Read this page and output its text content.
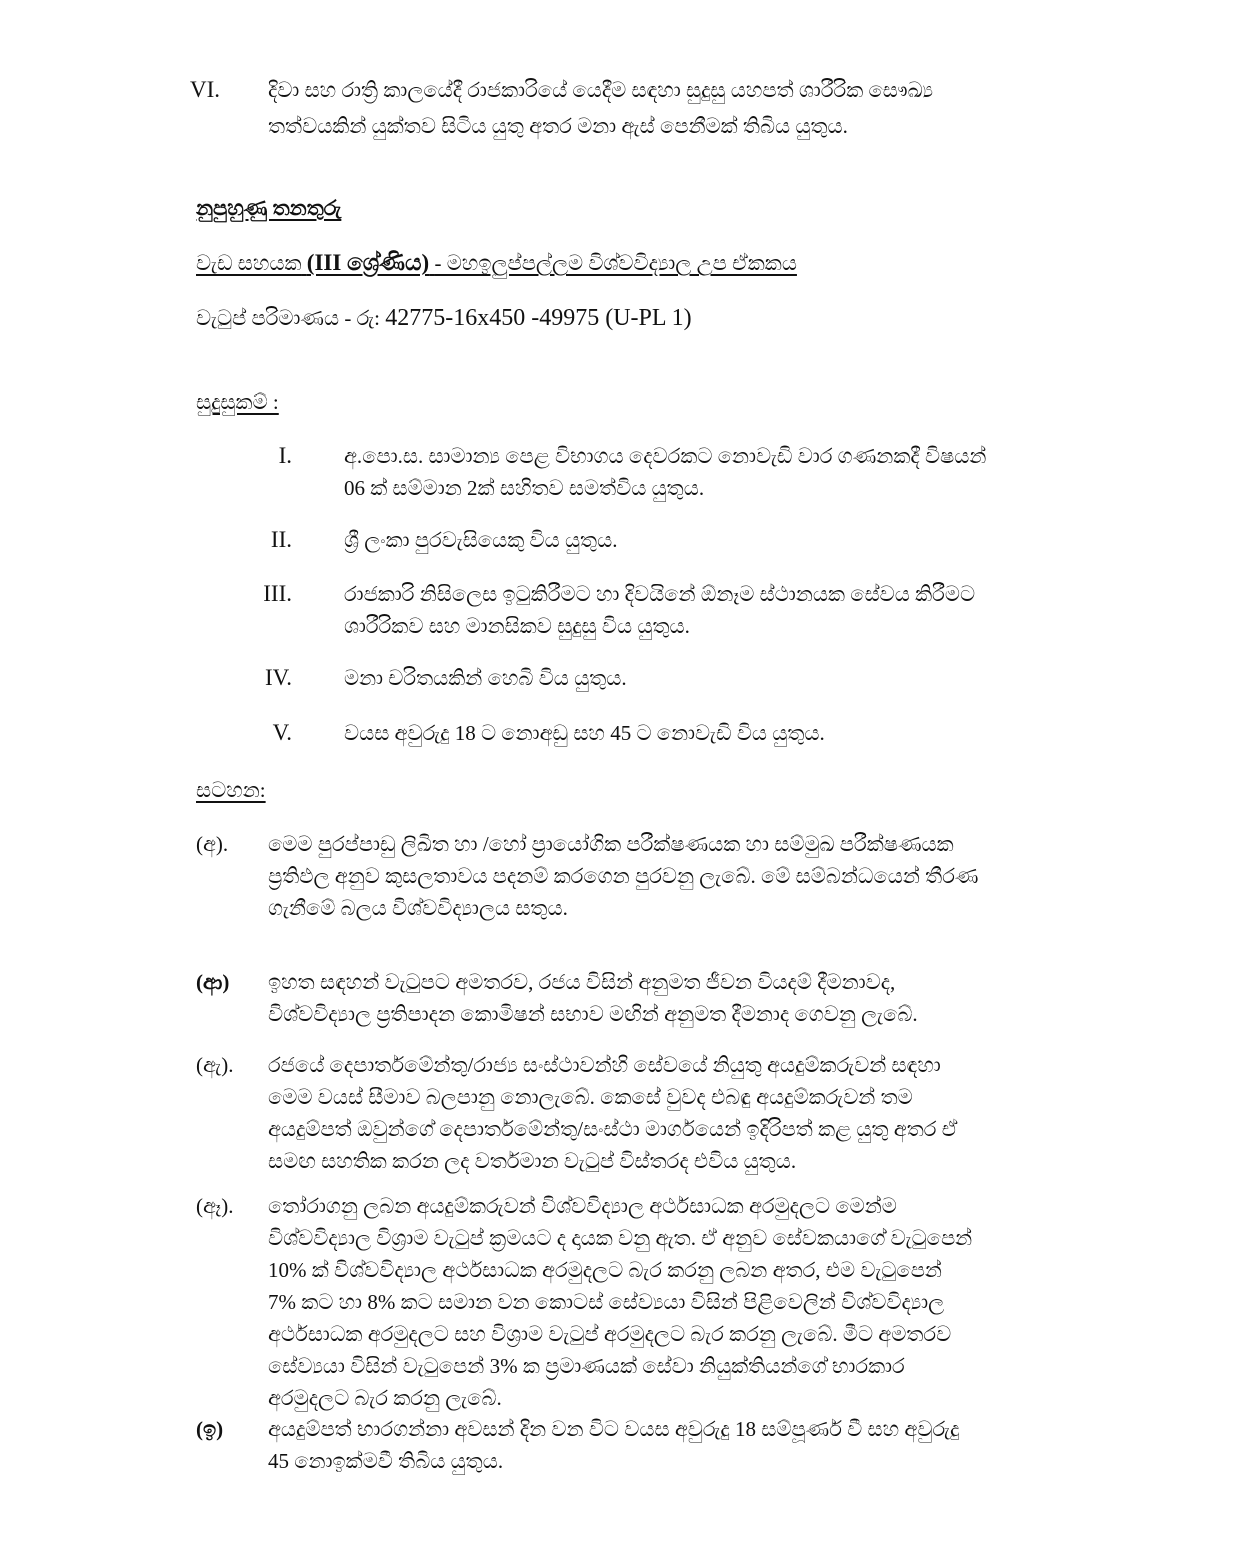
VI.	දිවා සහ රාත්‍රි කාලයේදී රාජකාරියේ යෙදීම සඳහා සුදුසු යහපත් ශාරීරික සෞඛ්‍ය

තත්වයකින් යුක්තව සිටිය යුතු අතර මනා ඇස් පෙනීමක් තිබිය යුතුය.

නුපුහුණු තනතුරු
වැඩ සහයක (III ශ්‍රේණිය) - මහඉලුප්පල්ලම විශ්වවිද්‍යාල උප ඒකකය
වැටුප් පරිමාණය - රු: 42775-16x450 -49975 (U-PL 1)
සුදුසුකම් :
I. අ.පො.ස. සාමාන්‍ය පෙළ විභාගය දෙවරකට නොවැඩි වාර ගණනකදී විෂයන්

06 ක් සම්මාන 2ක් සහිතව සමත්විය යුතුය.

II. ශ්‍රී ලංකා පුරවැසියෙකු විය යුතුය.

III. රාජකාරි නිසිලෙස ඉටුකිරීමට හා දිවයිනේ ඕනෑම ස්ථානයක සේවය කිරීමට

ශාරීරිකව සහ මානසිකව සුදුසු විය යුතුය.

IV. මනා චරිතයකින් හෙබි විය යුතුය.

V. වයස අවුරුදු 18 ට නොඅඩු සහ 45 ට නොවැඩි විය යුතුය.

සටහන:
(අ). මෙම පුරප්පාඩු ලිඛිත හා /හෝ ප්‍රායෝගික පරීක්ෂණයක හා සම්මුඛ පරීක්ෂණයක

ප්‍රතිඵල අනුව කුසලතාවය පදනම් කරගෙන පුරවනු ලැබේ. මේ සම්බන්ධයෙන් තීරණ

ගැනීමේ බලය විශ්වවිද්‍යාලය සතුය.

(ආ) ඉහත සඳහන් වැටුපට අමතරව, රජය විසින් අනුමත ජීවන වියදම් දීමනාවද,

විශ්වවිද්‍යාල ප්‍රතිපාදන කොමිෂන් සභාව මඟින් අනුමත දීමනාද ගෙවනු ලැබේ.

(ඇ). රජයේ දෙපාර්තමේන්තු/රාජ්‍ය සංස්ථාවන්හි සේවයේ නියුතු අයදුම්කරුවන් සඳහා

මෙම වයස් සීමාව බලපානු නොලැබේ. කෙසේ වුවද එබඳු අයදුම්කරුවන් තම

අයදුම්පත් ඔවුන්ගේ දෙපාර්තමේන්තු/සංස්ථා මාර්ගයෙන් ඉදිරිපත් කළ යුතු අතර ඒ

සමඟ සහතික කරන ලද වර්තමාන වැටුප් විස්තරද එවිය යුතුය.

(ඈ). තෝරාගනු ලබන අයදුම්කරුවන් විශ්වවිද්‍යාල අර්ථසාධක අරමුදලට මෙන්ම

විශ්වවිද්‍යාල විශ්‍රාම වැටුප් ක්‍රමයට ද දායක වනු ඇත. ඒ අනුව සේවකයාගේ වැටුපෙන්

10% ක් විශ්වවිද්‍යාල අර්ථසාධක අරමුදලට බැර කරනු ලබන අතර, එම වැටුපෙන්

7% කට හා 8% කට සමාන වන කොටස් සේව්‍යයා විසින් පිළිවෙලින් විශ්වවිද්‍යාල

අර්ථසාධක අරමුදලට සහ විශ්‍රාම වැටුප් අරමුදලට බැර කරනු ලැබේ. මීට අමතරව

සේව්‍යයා විසින් වැටුපෙන් 3% ක ප්‍රමාණයක් සේවා නියුක්තියන්ගේ භාරකාර

අරමුදලට බැර කරනු ලැබේ.

(ඉ) අයදුම්පත් භාරගන්නා අවසන් දින වන විට වයස අවුරුදු 18 සම්පූර්ණ වී සහ අවුරුදු

45 නොඉක්මවී තිබිය යුතුය.
